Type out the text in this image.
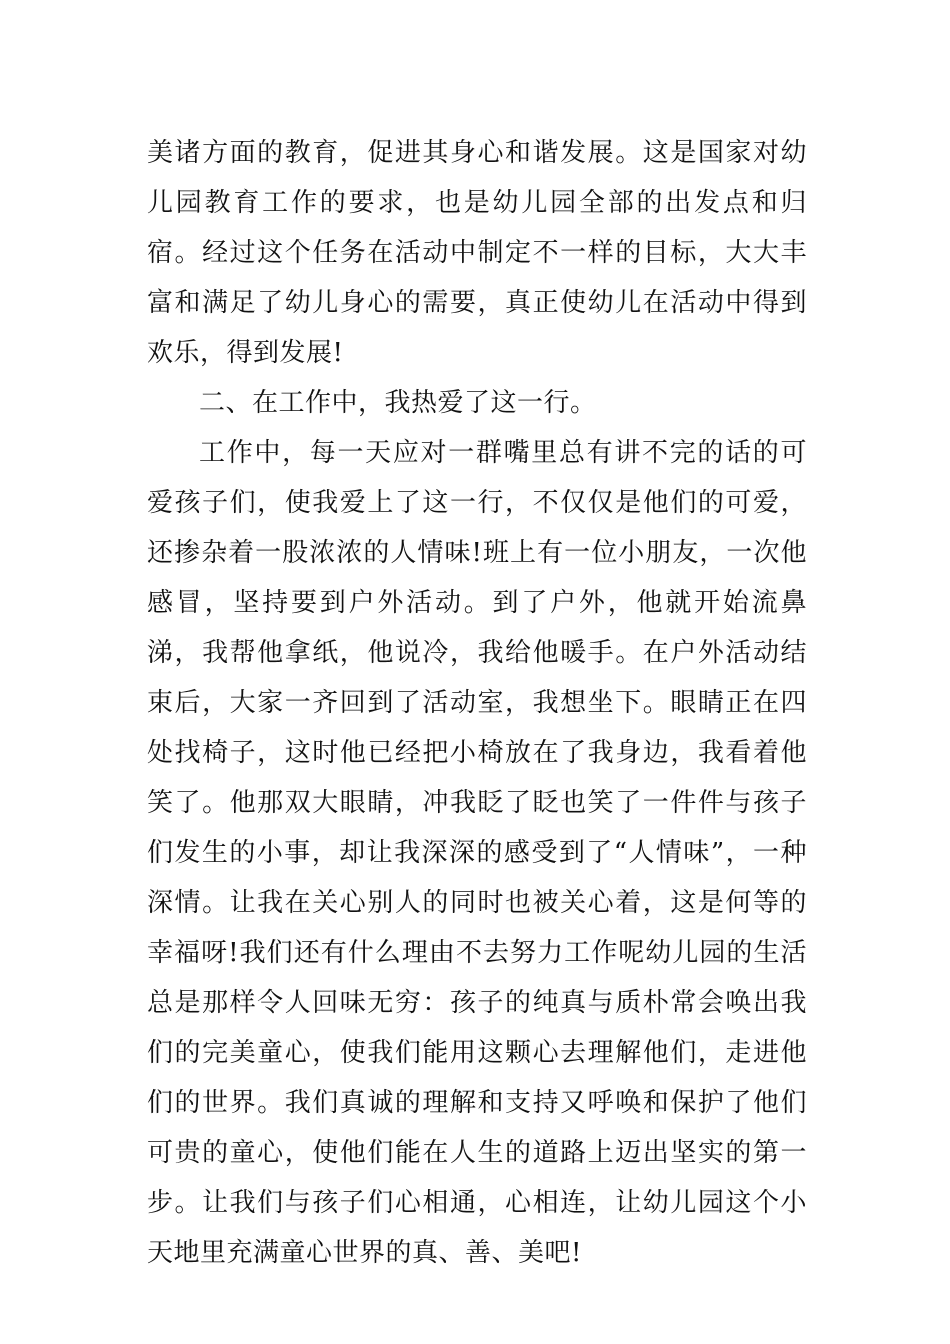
美诸方面的教育，促进其身心和谐发展。这是国家对幼儿园教育工作的要求，也是幼儿园全部的出发点和归宿。经过这个任务在活动中制定不一样的目标，大大丰富和满足了幼儿身心的需要，真正使幼儿在活动中得到欢乐，得到发展!

二、在工作中，我热爱了这一行。

工作中，每一天应对一群嘴里总有讲不完的话的可爱孩子们，使我爱上了这一行，不仅仅是他们的可爱，还掺杂着一股浓浓的人情味!班上有一位小朋友，一次他感冒，坚持要到户外活动。到了户外，他就开始流鼻涕，我帮他拿纸，他说冷，我给他暖手。在户外活动结束后，大家一齐回到了活动室，我想坐下。眼睛正在四处找椅子，这时他已经把小椅放在了我身边，我看着他笑了。他那双大眼睛，冲我眨了眨也笑了一件件与孩子们发生的小事，却让我深深的感受到了“人情味”，一种深情。让我在关心别人的同时也被关心着，这是何等的幸福呀!我们还有什么理由不去努力工作呢幼儿园的生活总是那样令人回味无穷：孩子的纯真与质朴常会唤出我们的完美童心，使我们能用这颗心去理解他们，走进他们的世界。我们真诚的理解和支持又呼唤和保护了他们可贵的童心，使他们能在人生的道路上迈出坚实的第一步。让我们与孩子们心相通，心相连，让幼儿园这个小天地里充满童心世界的真、善、美吧!
